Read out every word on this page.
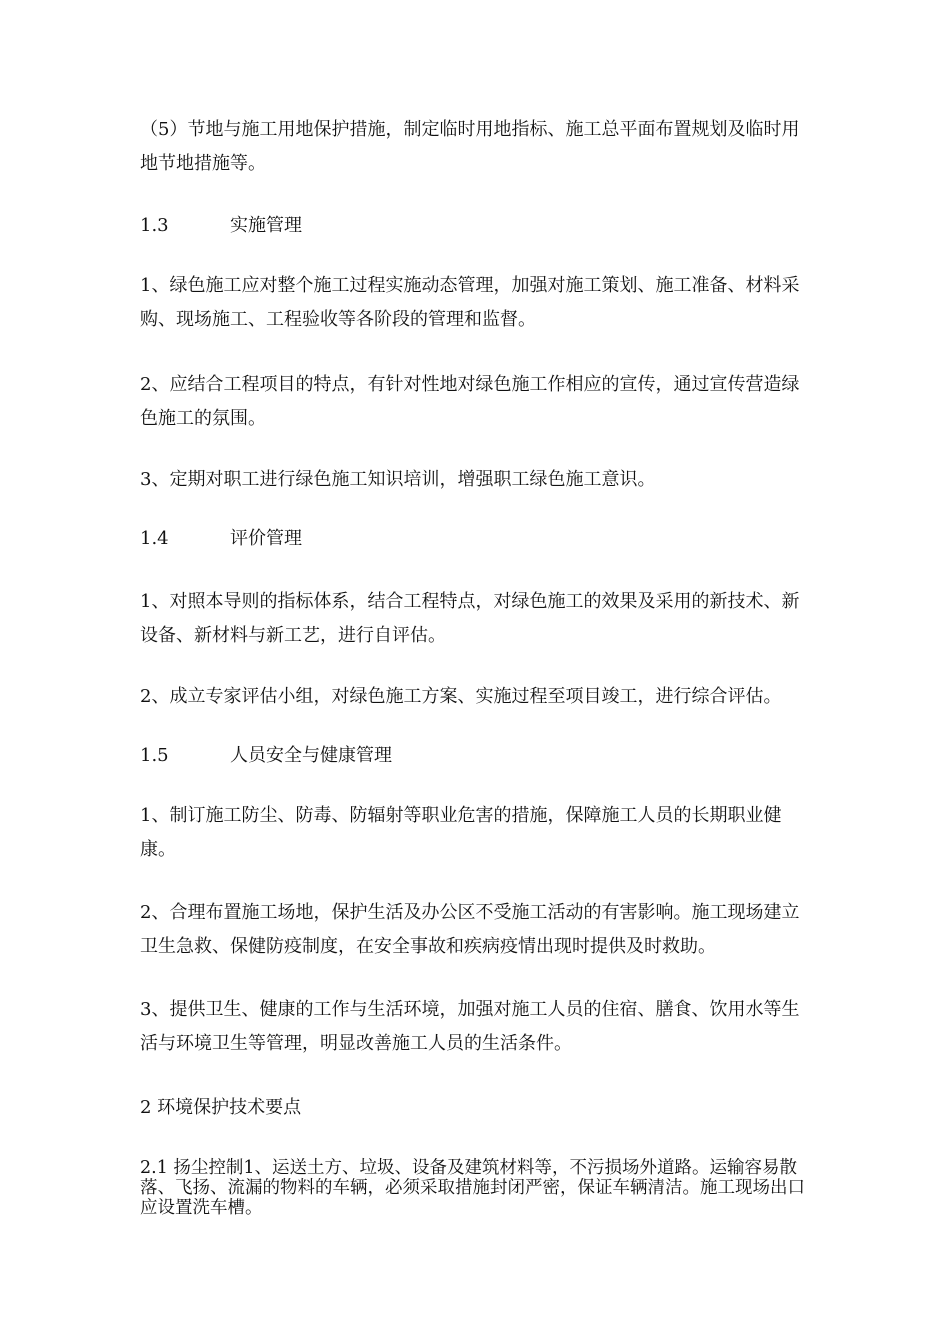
（5）节地与施工用地保护措施，制定临时用地指标、施工总平面布置规划及临时用地节地措施等。

1.3	实施管理

1、绿色施工应对整个施工过程实施动态管理，加强对施工策划、施工准备、材料采购、现场施工、工程验收等各阶段的管理和监督。

2、应结合工程项目的特点，有针对性地对绿色施工作相应的宣传，通过宣传营造绿色施工的氛围。

3、定期对职工进行绿色施工知识培训，增强职工绿色施工意识。

1.4	评价管理

1、对照本导则的指标体系，结合工程特点，对绿色施工的效果及采用的新技术、新设备、新材料与新工艺，进行自评估。

2、成立专家评估小组，对绿色施工方案、实施过程至项目竣工，进行综合评估。

1.5	人员安全与健康管理

1、制订施工防尘、防毒、防辐射等职业危害的措施，保障施工人员的长期职业健康。

2、合理布置施工场地，保护生活及办公区不受施工活动的有害影响。施工现场建立卫生急救、保健防疫制度，在安全事故和疾病疫情出现时提供及时救助。

3、提供卫生、健康的工作与生活环境，加强对施工人员的住宿、膳食、饮用水等生活与环境卫生等管理，明显改善施工人员的生活条件。

2 环境保护技术要点

2.1 扬尘控制1、运送土方、垃圾、设备及建筑材料等，不污损场外道路。运输容易散落、飞扬、流漏的物料的车辆，必须采取措施封闭严密，保证车辆清洁。施工现场出口应设置洗车槽。
